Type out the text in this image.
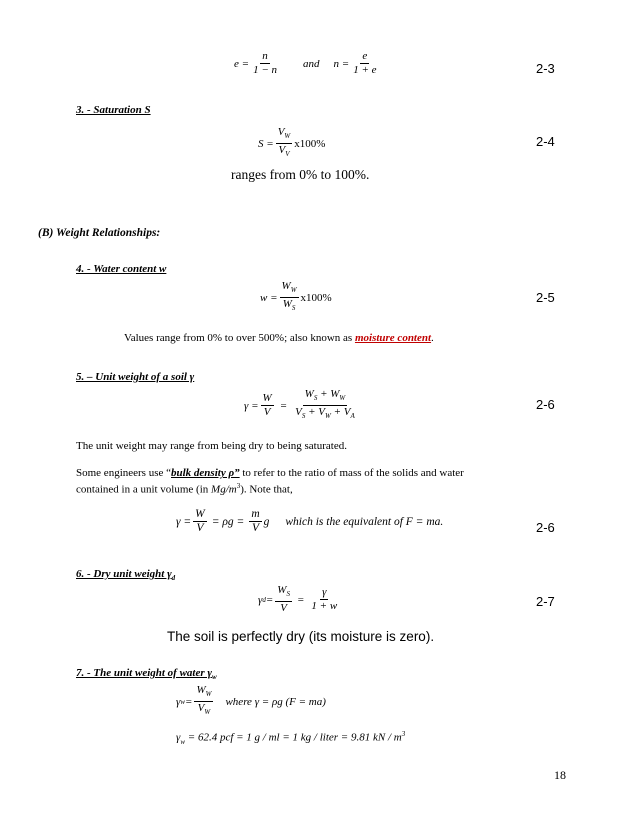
$e = \frac{n}{1 - n}$ and $n = \frac{e}{1 + e}$	2-3
3. - Saturation S
$S = \frac{V_W}{V_V} x100\%$	2-4
ranges from 0% to 100%.
(B) Weight Relationships:
4. - Water content w
$w = \frac{W_W}{W_S} x100\%$	2-5
Values range from 0% to over 500%; also known as moisture content.
5. – Unit weight of a soil γ
$\gamma = \frac{W}{V} = \frac{W_S + W_W}{V_S + V_W + V_A}$	2-6
The unit weight may range from being dry to being saturated.
Some engineers use “bulk density ρ” to refer to the ratio of mass of the solids and water
contained in a unit volume (in $Mg/m^3$). Note that,
$\gamma = \frac{W}{V} = \rho g = \frac{m}{V}$ g which is the equivalent of F = ma.	2-6
6. - Dry unit weight $\gamma_d$
γ $d = \frac{W_S}{V} = \frac{\gamma}{1 + w}$	2-7
The soil is perfectly dry (its moisture is zero).
7. - The unit weight of water $\gamma_w$
γ $w = \frac{W_W}{V_W}$ where γ = ρg (F = ma)
$\gamma_w = 62.4$ pcf = 1 g / ml = 1 kg / liter = 9.81 kN / $m^3$
18
